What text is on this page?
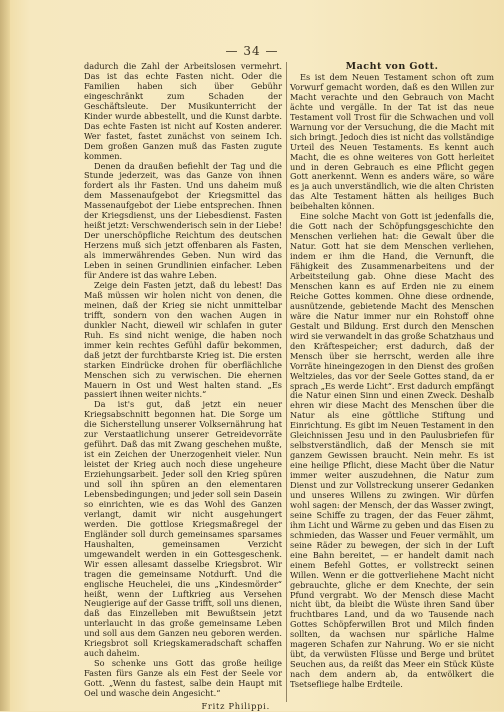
— 34 —

dadurch die Zahl der Arbeitslosen vermehrt. Das ist das echte Fasten nicht. Oder die Familien haben sich über Gebühr eingeschränkt zum Schaden der Geschäftsleute. Der Musikunterricht der Kinder wurde abbestellt, und die Kunst darbte. Das echte Fasten ist nicht auf Kosten anderer. Wer fastet, fastet zunächst von seinem Ich. Dem großen Ganzen muß das Fasten zugute kommen.

Denen da draußen befiehlt der Tag und die Stunde jederzeit, was das Ganze von ihnen fordert als ihr Fasten. Und uns daheim muß dem Massenaufgebot der Kriegsmittel das Massenaufgebot der Liebe entsprechen. Ihnen der Kriegsdienst, uns der Liebesdienst. Fasten heißt jetzt: Verschwenderisch sein in der Liebe! Der unerschöpfliche Reichtum des deutschen Herzens muß sich jetzt offenbaren als Fasten, als immerwährendes Geben. Nun wird das Leben in seinen Grundlinien einfacher. Leben für Andere ist das wahre Leben.

Zeige dein Fasten jetzt, daß du lebest! Das Maß müssen wir holen nicht von denen, die meinen, daß der Krieg sie nicht unmittelbar trifft, sondern von den wachen Augen in dunkler Nacht, dieweil wir schlafen in guter Ruh. Es sind nicht wenige, die haben noch immer kein rechtes Gefühl dafür bekommen, daß jetzt der furchtbarste Krieg ist. Die ersten starken Eindrücke drohen für oberflächliche Menschen sich zu verwischen. Die ehernen Mauern in Ost und West halten stand. „Es passiert ihnen weiter nichts.“

Da ist's gut, daß jetzt ein neuer Kriegsabschnitt begonnen hat. Die Sorge um die Sicherstellung unserer Volksernährung hat zur Verstaatlichung unserer Getreidevorräte geführt. Daß das mit Zwang geschehen mußte, ist ein Zeichen der Unerzogenheit vieler. Nun leistet der Krieg auch noch diese ungeheure Erziehungsarbeit. Jeder soll den Krieg spüren und soll ihn spüren an den elementaren Lebensbedingungen; und jeder soll sein Dasein so einrichten, wie es das Wohl des Ganzen verlangt, damit wir nicht ausgehungert werden. Die gottlose Kriegsmaßregel der Engländer soll durch gemeinsames sparsames Haushalten, gemeinsamen Verzicht umgewandelt werden in ein Gottesgeschenk. Wir essen allesamt dasselbe Kriegsbrot. Wir tragen die gemeinsame Notdurft. Und die englische Heuchelei, die uns „Kindesmörder“ heißt, wenn der Luftkrieg aus Versehen Neugierige auf der Gasse trifft, soll uns dienen, daß das Einzelleben mit Bewußtsein jetzt unterlaucht in das große gemeinsame Leben und soll aus dem Ganzen neu geboren werden. Kriegsbrot soll Kriegskameradschaft schaffen auch daheim.

So schenke uns Gott das große heilige Fasten fürs Ganze als ein Fest der Seele vor Gott. „Wenn du fastest, salbe dein Haupt mit Oel und wasche dein Angesicht.“

Fritz Philippi.
Macht von Gott.

Es ist dem Neuen Testament schon oft zum Vorwurf gemacht worden, daß es den Willen zur Macht verachte und den Gebrauch von Macht ächte und vergälle. In der Tat ist das neue Testament voll Trost für die Schwachen und voll Warnung vor der Versuchung, die die Macht mit sich bringt. Jedoch dies ist nicht das vollständige Urteil des Neuen Testaments. Es kennt auch Macht, die es ohne weiteres von Gott herleitet und in deren Gebrauch es eine Pflicht gegen Gott anerkennt. Wenn es anders wäre, so wäre es ja auch unverständlich, wie die alten Christen das Alte Testament hätten als heiliges Buch beibehalten können.

Eine solche Macht von Gott ist jedenfalls die, die Gott nach der Schöpfungsgeschichte den Menschen verliehen hat: die Gewalt über die Natur. Gott hat sie dem Menschen verliehen, indem er ihm die Hand, die Vernunft, die Fähigkeit des Zusammenarbeitens und der Arbeitsteilung gab. Ohne diese Macht des Menschen kann es auf Erden nie zu einem Reiche Gottes kommen. Ohne diese ordnende, ausnützende, gebietende Macht des Menschen wäre die Natur immer nur ein Rohstoff ohne Gestalt und Bildung. Erst durch den Menschen wird sie verwandelt in das große Schatzhaus und den Kräftespeicher; erst dadurch, daß der Mensch über sie herrscht, werden alle ihre Vorräte hineingezogen in den Dienst des großen Weltzieles, das vor der Seele Gottes stand, da er sprach „Es werde Licht“. Erst dadurch empfängt die Natur einen Sinn und einen Zweck. Deshalb ehren wir diese Macht des Menschen über die Natur als eine göttliche Stiftung und Einrichtung. Es gibt im Neuen Testament in den Gleichnissen Jesu und in den Paulusbriefen für selbstverständlich, daß der Mensch sie mit ganzem Gewissen braucht. Nein mehr. Es ist eine heilige Pflicht, diese Macht über die Natur immer weiter auszudehnen, die Natur zum Dienst und zur Vollstreckung unserer Gedanken und unseres Willens zu zwingen. Wir dürfen wohl sagen: der Mensch, der das Wasser zwingt, seine Schiffe zu tragen, der das Feuer zähmt, ihm Licht und Wärme zu geben und das Eisen zu schmieden, das Wasser und Feuer vermählt, um seine Räder zu bewegen, der sich in der Luft eine Bahn bereitet, — er handelt damit nach einem Befehl Gottes, er vollstreckt seinen Willen. Wenn er die gottverliehene Macht nicht gebrauchte, gliche er dem Knechte, der sein Pfund vergrabt. Wo der Mensch diese Macht nicht übt, da bleibt die Wüste ihren Sand über fruchtbares Land, und da wo Tausende nach Gottes Schöpferwillen Brot und Milch finden sollten, da wachsen nur spärliche Halme mageren Schafen zur Nahrung. Wo er sie nicht übt, da verwüsten Flüsse und Berge und brütet Seuchen aus, da reißt das Meer ein Stück Küste nach dem andern ab, da entwölkert die Tsetsefliege halbe Erdteile.
